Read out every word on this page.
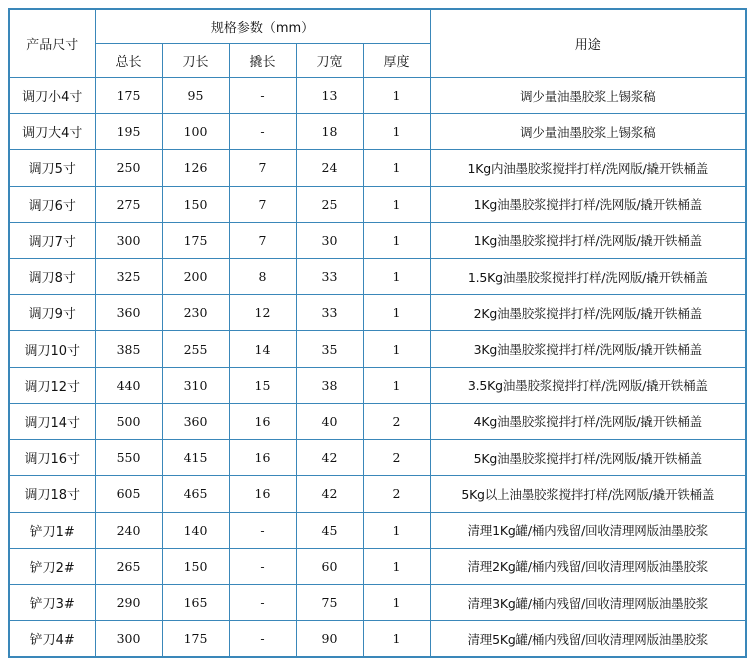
产品尺寸	规格参数（mm）					用途
	总长	刀长	撬长	刀宽	厚度	
调刀小4寸	175	95	-	13	1	调少量油墨胶浆上锡浆稿
调刀大4寸	195	100	-	18	1	调少量油墨胶浆上锡浆稿
调刀5寸	250	126	7	24	1	1Kg内油墨胶浆搅拌打样/洗网版/撬开铁桶盖
调刀6寸	275	150	7	25	1	1Kg油墨胶浆搅拌打样/洗网版/撬开铁桶盖
调刀7寸	300	175	7	30	1	1Kg油墨胶浆搅拌打样/洗网版/撬开铁桶盖
调刀8寸	325	200	8	33	1	1.5Kg油墨胶浆搅拌打样/洗网版/撬开铁桶盖
调刀9寸	360	230	12	33	1	2Kg油墨胶浆搅拌打样/洗网版/撬开铁桶盖
调刀10寸	385	255	14	35	1	3Kg油墨胶浆搅拌打样/洗网版/撬开铁桶盖
调刀12寸	440	310	15	38	1	3.5Kg油墨胶浆搅拌打样/洗网版/撬开铁桶盖
调刀14寸	500	360	16	40	2	4Kg油墨胶浆搅拌打样/洗网版/撬开铁桶盖
调刀16寸	550	415	16	42	2	5Kg油墨胶浆搅拌打样/洗网版/撬开铁桶盖
调刀18寸	605	465	16	42	2	5Kg以上油墨胶浆搅拌打样/洗网版/撬开铁桶盖
铲刀1#	240	140	-	45	1	清理1Kg罐/桶内残留/回收清理网版油墨胶浆
铲刀2#	265	150	-	60	1	清理2Kg罐/桶内残留/回收清理网版油墨胶浆
铲刀3#	290	165	-	75	1	清理3Kg罐/桶内残留/回收清理网版油墨胶浆
铲刀4#	300	175	-	90	1	清理5Kg罐/桶内残留/回收清理网版油墨胶浆
